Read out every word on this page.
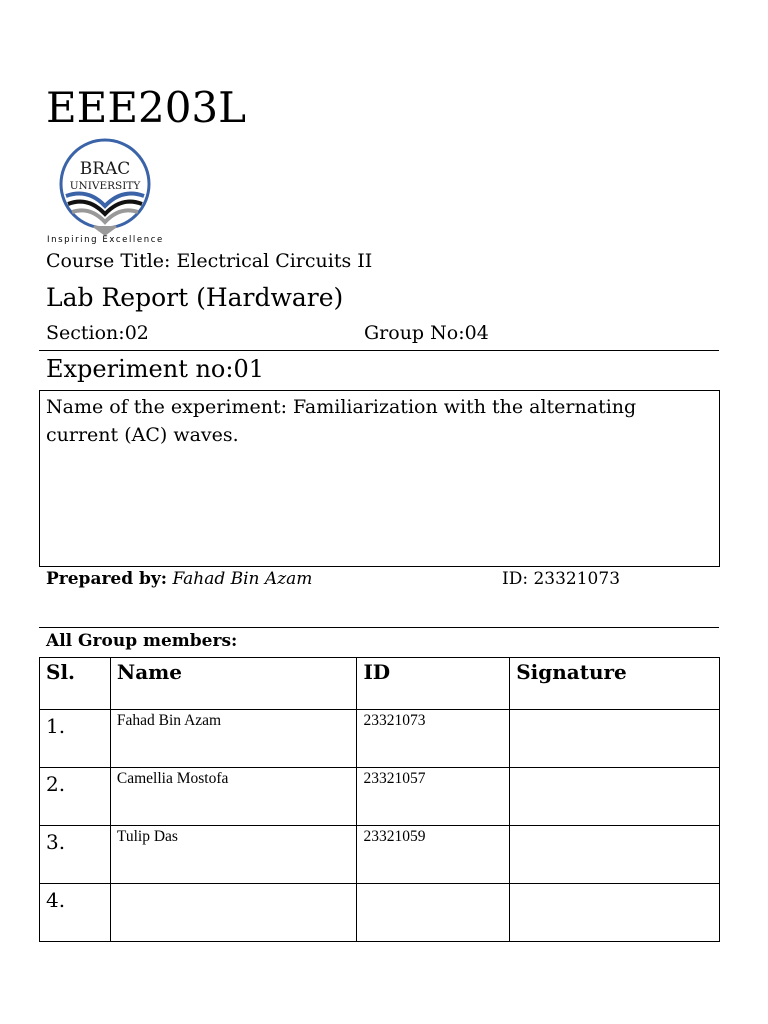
EEE203L
BRAC
UNIVERSITY
Inspiring Excellence
Course Title: Electrical Circuits II
Lab Report (Hardware)
Section:02	Group No:04
Experiment no:01
Name of the experiment: Familiarization with the alternating current (AC) waves.
Prepared by: Fahad Bin Azam	ID: 23321073
All Group members:
Sl.	Name	ID	Signature
1.	Fahad Bin Azam	23321073	
2.	Camellia Mostofa	23321057	
3.	Tulip Das	23321059	
4.			
